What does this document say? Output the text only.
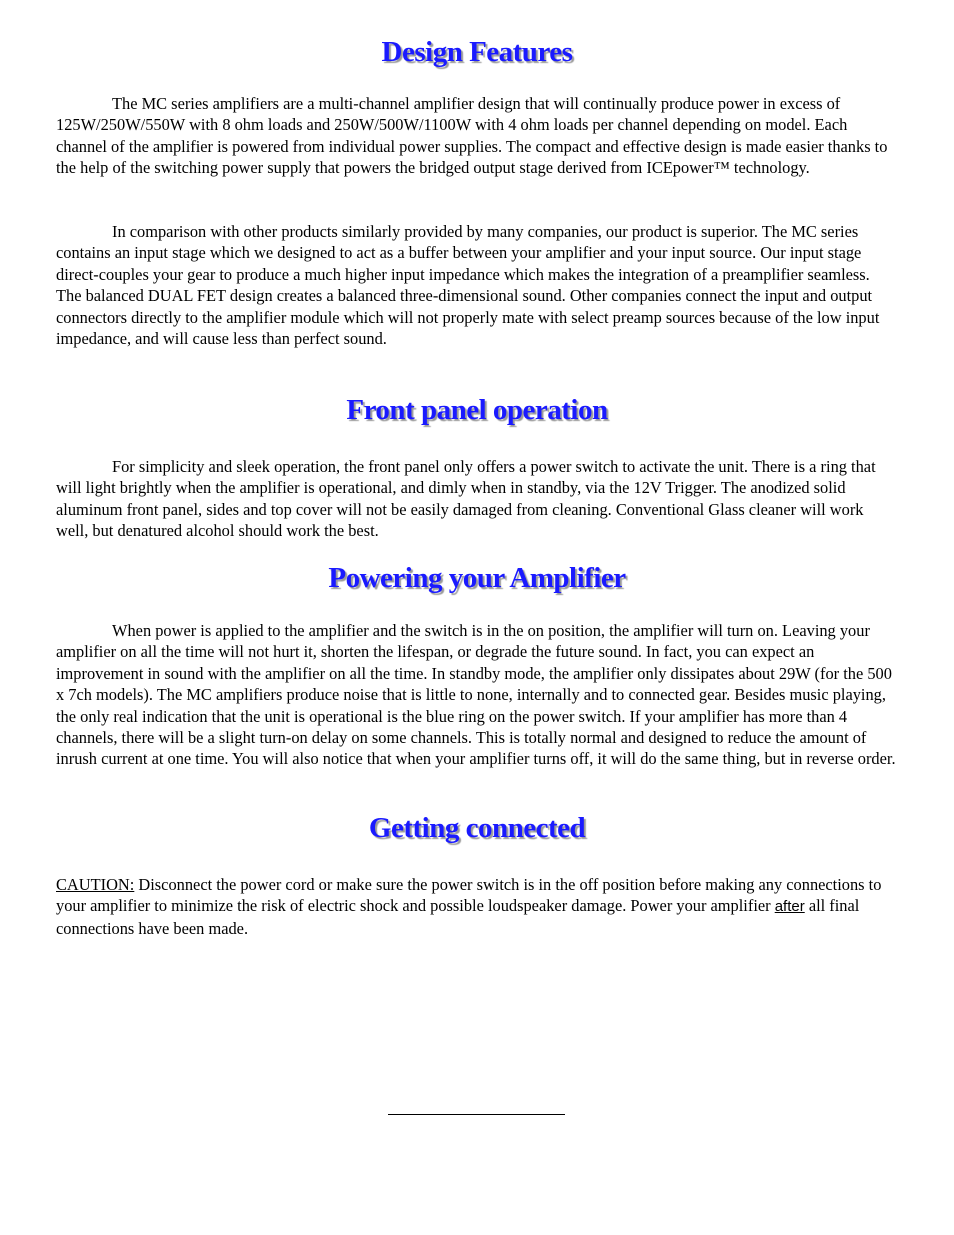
Design Features

The MC series amplifiers are a multi-channel amplifier design that will continually produce power in excess of 125W/250W/550W with 8 ohm loads and 250W/500W/1100W with 4 ohm loads per channel depending on model. Each channel of the amplifier is powered from individual power supplies. The compact and effective design is made easier thanks to the help of the switching power supply that powers the bridged output stage derived from ICEpower™ technology.

In comparison with other products similarly provided by many companies, our product is superior. The MC series contains an input stage which we designed to act as a buffer between your amplifier and your input source. Our input stage direct-couples your gear to produce a much higher input impedance which makes the integration of a preamplifier seamless. The balanced DUAL FET design creates a balanced three-dimensional sound. Other companies connect the input and output connectors directly to the amplifier module which will not properly mate with select preamp sources because of the low input impedance, and will cause less than perfect sound.

Front panel operation

For simplicity and sleek operation, the front panel only offers a power switch to activate the unit. There is a ring that will light brightly when the amplifier is operational, and dimly when in standby, via the 12V Trigger. The anodized solid aluminum front panel, sides and top cover will not be easily damaged from cleaning. Conventional Glass cleaner will work well, but denatured alcohol should work the best.

Powering your Amplifier

When power is applied to the amplifier and the switch is in the on position, the amplifier will turn on. Leaving your amplifier on all the time will not hurt it, shorten the lifespan, or degrade the future sound. In fact, you can expect an improvement in sound with the amplifier on all the time. In standby mode, the amplifier only dissipates about 29W (for the 500 x 7ch models). The MC amplifiers produce noise that is little to none, internally and to connected gear. Besides music playing, the only real indication that the unit is operational is the blue ring on the power switch. If your amplifier has more than 4 channels, there will be a slight turn-on delay on some channels. This is totally normal and designed to reduce the amount of inrush current at one time. You will also notice that when your amplifier turns off, it will do the same thing, but in reverse order.

Getting connected

CAUTION: Disconnect the power cord or make sure the power switch is in the off position before making any connections to your amplifier to minimize the risk of electric shock and possible loudspeaker damage. Power your amplifier after all final connections have been made.
